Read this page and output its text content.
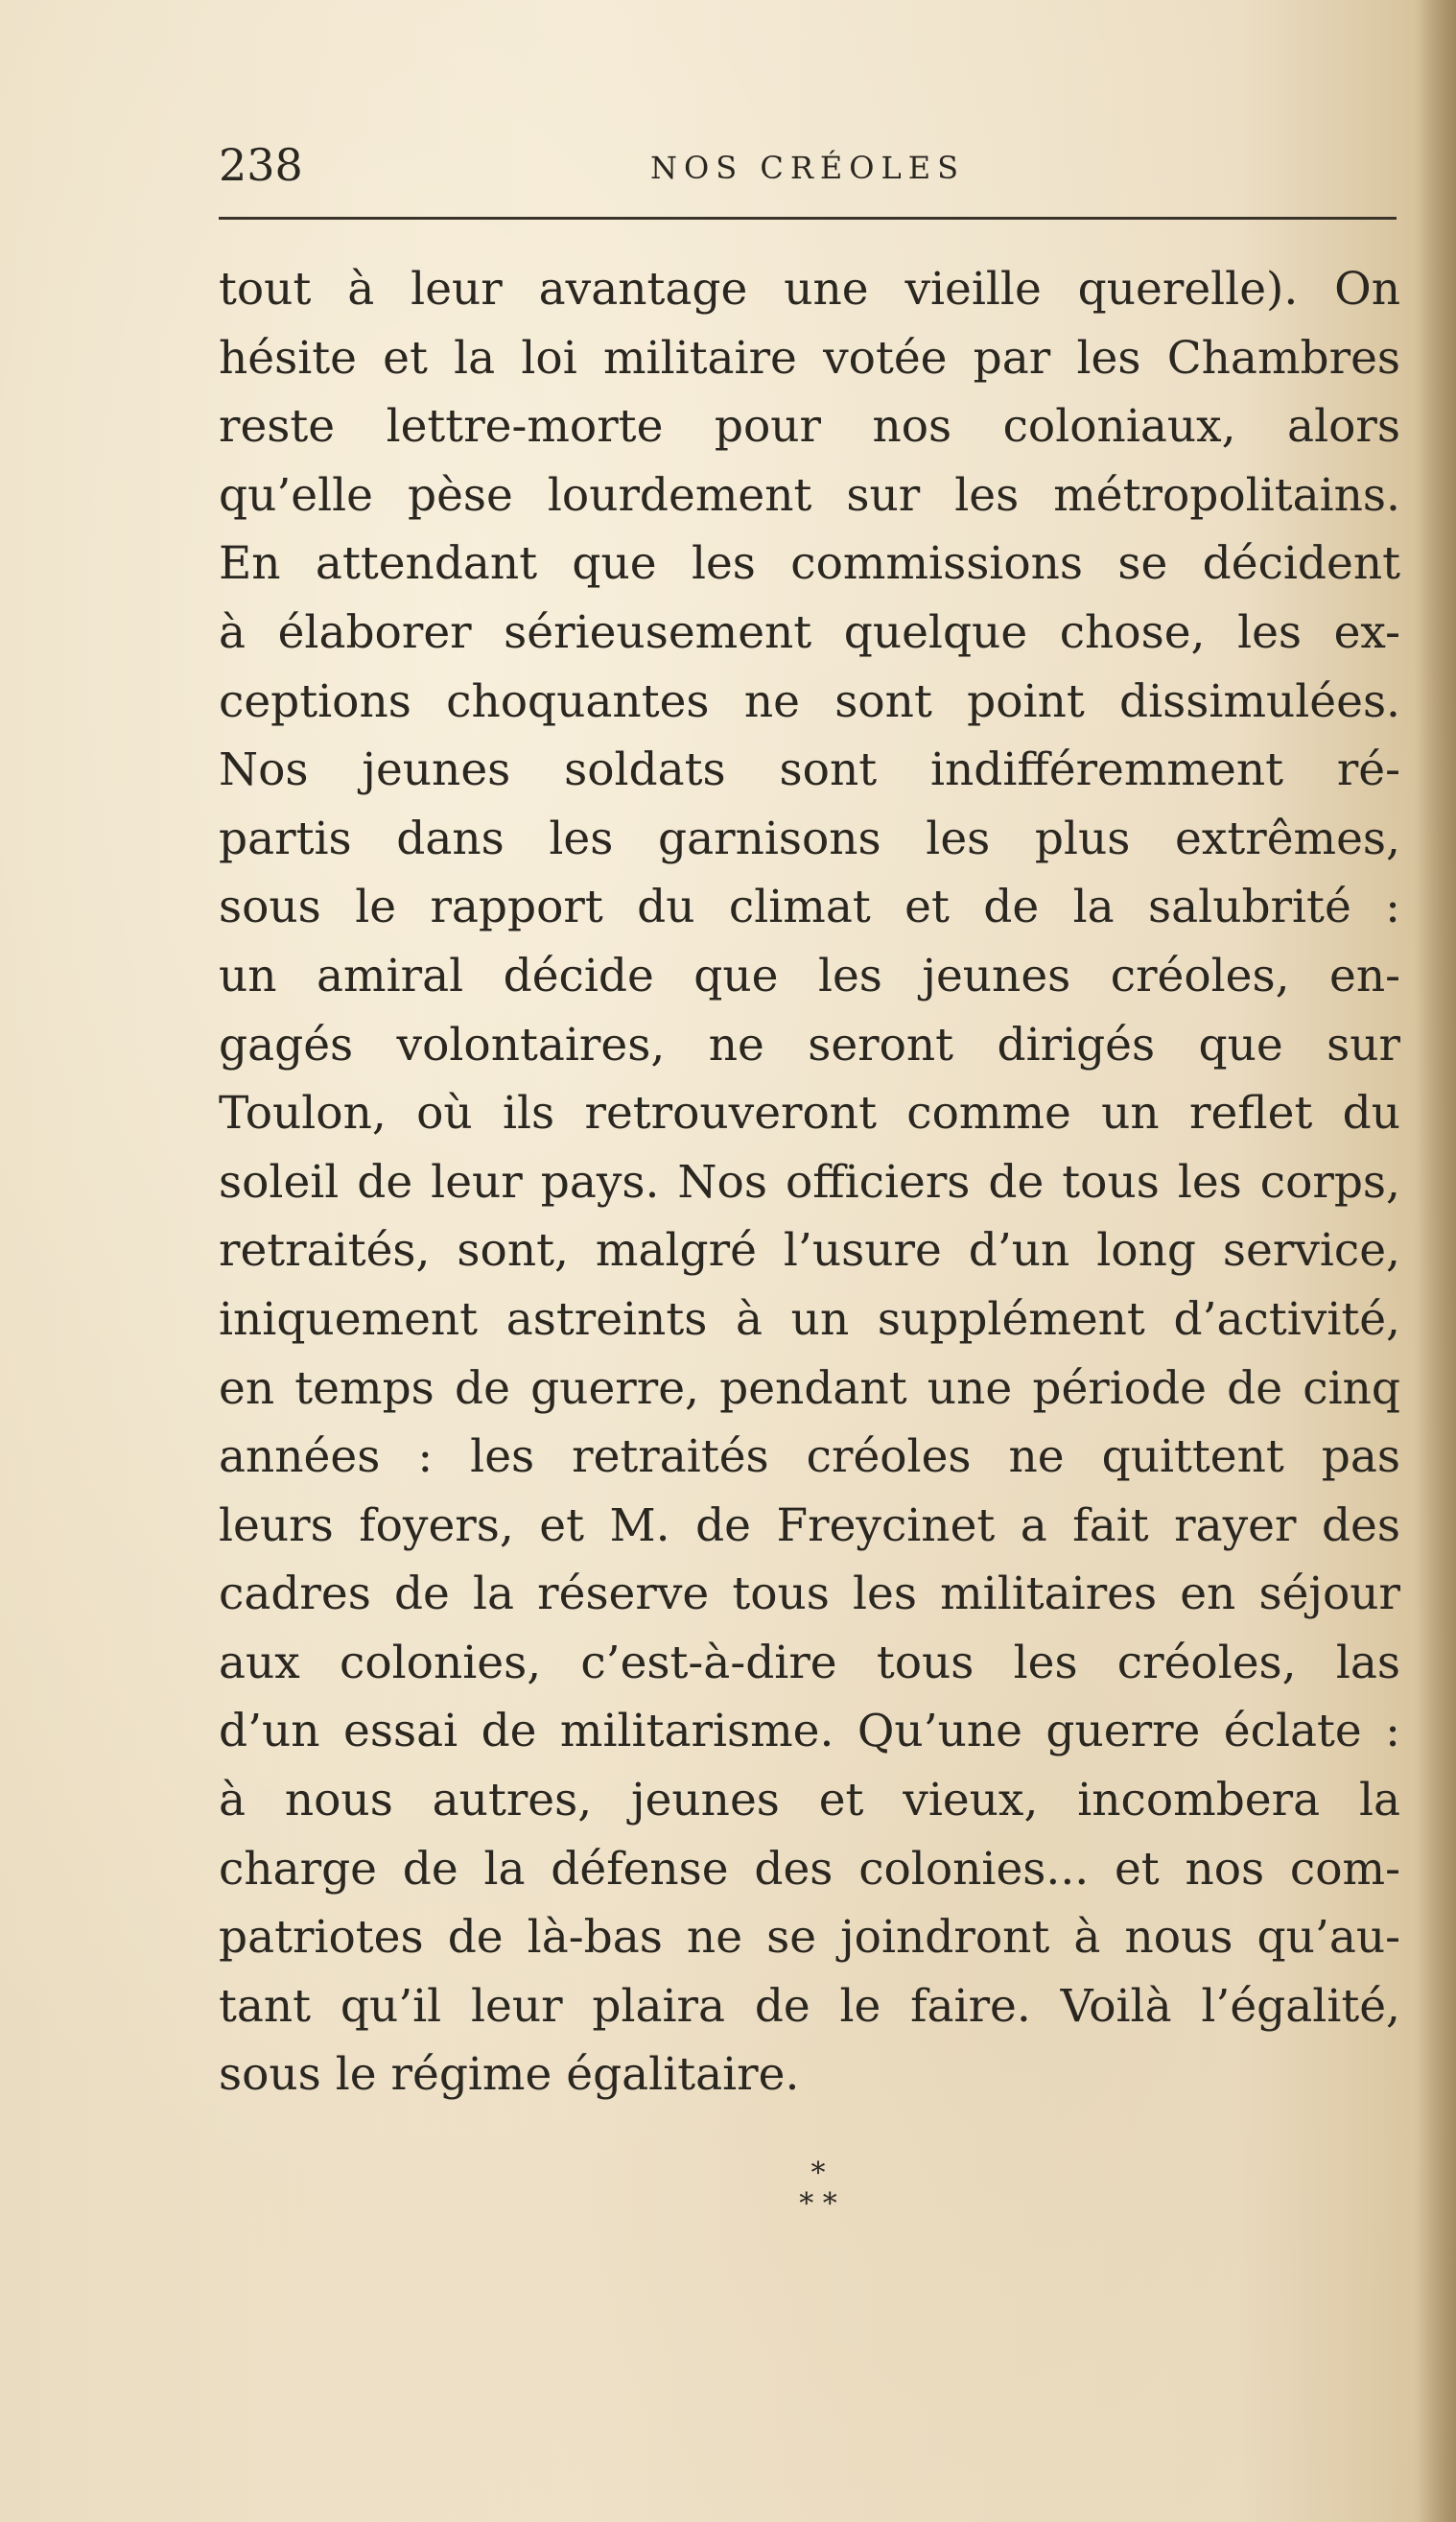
238	NOS CRÉOLES
tout à leur avantage une vieille querelle). On
hésite et la loi militaire votée par les Chambres
reste lettre-morte pour nos coloniaux, alors
qu’elle pèse lourdement sur les métropolitains.
En attendant que les commissions se décident
à élaborer sérieusement quelque chose, les ex-
ceptions choquantes ne sont point dissimulées.
Nos jeunes soldats sont indifféremment ré-
partis dans les garnisons les plus extrêmes,
sous le rapport du climat et de la salubrité :
un amiral décide que les jeunes créoles, en-
gagés volontaires, ne seront dirigés que sur
Toulon, où ils retrouveront comme un reflet du
soleil de leur pays. Nos officiers de tous les corps,
retraités, sont, malgré l’usure d’un long service,
iniquement astreints à un supplément d’activité,
en temps de guerre, pendant une période de cinq
années : les retraités créoles ne quittent pas
leurs foyers, et M. de Freycinet a fait rayer des
cadres de la réserve tous les militaires en séjour
aux colonies, c’est-à-dire tous les créoles, las
d’un essai de militarisme. Qu’une guerre éclate :
à nous autres, jeunes et vieux, incombera la
charge de la défense des colonies... et nos com-
patriotes de là-bas ne se joindront à nous qu’au-
tant qu’il leur plaira de le faire. Voilà l’égalité,
sous le régime égalitaire.
*
* *
